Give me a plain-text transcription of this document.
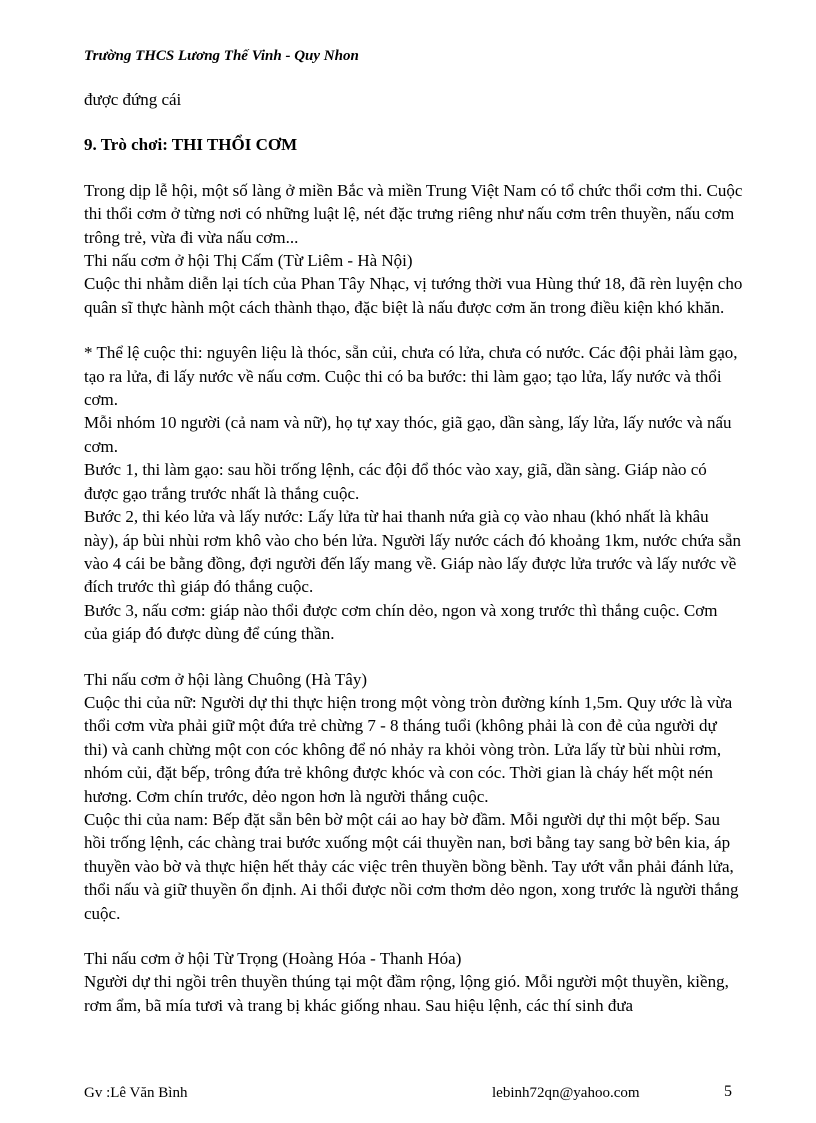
Trường THCS Lương Thế Vinh - Quy Nhon

được đứng cái

9. Trò chơi: THI THỔI CƠM

Trong dịp lễ hội, một số làng ở miền Bắc và miền Trung Việt Nam có tổ chức thổi cơm thi. Cuộc thi thổi cơm ở từng nơi có những luật lệ, nét đặc trưng riêng như nấu cơm trên thuyền, nấu cơm trông trẻ, vừa đi vừa nấu cơm...

Thi nấu cơm ở hội Thị Cấm (Từ Liêm - Hà Nội)

Cuộc thi nhằm diễn lại tích của Phan Tây Nhạc, vị tướng thời vua Hùng thứ 18, đã rèn luyện cho quân sĩ thực hành một cách thành thạo, đặc biệt là nấu được cơm ăn trong điều kiện khó khăn.

* Thể lệ cuộc thi: nguyên liệu là thóc, sẵn củi, chưa có lửa, chưa có nước. Các đội phải làm gạo, tạo ra lửa, đi lấy nước về nấu cơm. Cuộc thi có ba bước: thi làm gạo; tạo lửa, lấy nước và thổi cơm.

Mỗi nhóm 10 người (cả nam và nữ), họ tự xay thóc, giã gạo, dần sàng, lấy lửa, lấy nước và nấu cơm.

Bước 1, thi làm gạo: sau hồi trống lệnh, các đội đổ thóc vào xay, giã, dần sàng. Giáp nào có được gạo trắng trước nhất là thắng cuộc.

Bước 2, thi kéo lửa và lấy nước: Lấy lửa từ hai thanh nứa già cọ vào nhau (khó nhất là khâu này), áp bùi nhùi rơm khô vào cho bén lửa. Người lấy nước cách đó khoảng 1km, nước chứa sẵn vào 4 cái be bằng đồng, đợi người đến lấy mang về. Giáp nào lấy được lửa trước và lấy nước về đích trước thì giáp đó thắng cuộc.

Bước 3, nấu cơm: giáp nào thổi được cơm chín dẻo, ngon và xong trước thì thắng cuộc. Cơm của giáp đó được dùng để cúng thần.

Thi nấu cơm ở hội làng Chuông (Hà Tây)

Cuộc thi của nữ: Người dự thi thực hiện trong một vòng tròn đường kính 1,5m. Quy ước là vừa thổi cơm vừa phải giữ một đứa trẻ chừng 7 - 8 tháng tuổi (không phải là con đẻ của người dự thi) và canh chừng một con cóc không để nó nhảy ra khỏi vòng tròn. Lửa lấy từ bùi nhùi rơm, nhóm củi, đặt bếp, trông đứa trẻ không được khóc và con cóc. Thời gian là cháy hết một nén hương. Cơm chín trước, dẻo ngon hơn là người thắng cuộc.

Cuộc thi của nam: Bếp đặt sẵn bên bờ một cái ao hay bờ đầm. Mỗi người dự thi một bếp. Sau hồi trống lệnh, các chàng trai bước xuống một cái thuyền nan, bơi bằng tay sang bờ bên kia, áp thuyền vào bờ và thực hiện hết thảy các việc trên thuyền bồng bềnh. Tay ướt vẫn phải đánh lửa, thổi nấu và giữ thuyền ổn định. Ai thổi được nồi cơm thơm dẻo ngon, xong trước là người thắng cuộc.

Thi nấu cơm ở hội Từ Trọng (Hoàng Hóa - Thanh Hóa)

Người dự thi ngồi trên thuyền thúng tại một đầm rộng, lộng gió. Mỗi người một thuyền, kiềng, rơm ẩm, bã mía tươi và trang bị khác giống nhau. Sau hiệu lệnh, các thí sinh đưa

Gv :Lê Văn Bình	lebinh72qn@yahoo.com	5
